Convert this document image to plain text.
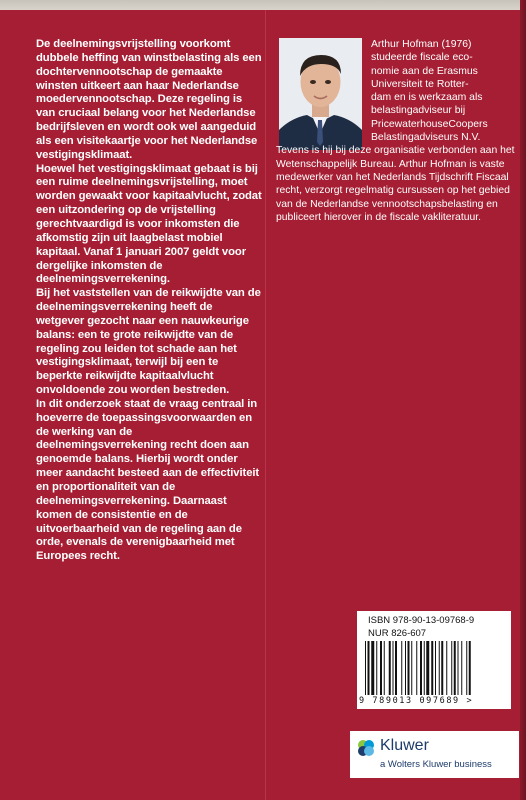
De deelnemingsvrijstelling voorkomt dubbele heffing van winstbelasting als een dochtervennootschap de gemaakte winsten uitkeert aan haar Nederlandse moedervennootschap. Deze regeling is van cruciaal belang voor het Nederlandse bedrijfsleven en wordt ook wel aangeduid als een visitekaartje voor het Nederlandse vestigingsklimaat.

Hoewel het vestigingsklimaat gebaat is bij een ruime deelnemingsvrijstelling, moet worden gewaakt voor kapitaalvlucht, zodat een uitzondering op de vrijstelling gerechtvaardigd is voor inkomsten die afkomstig zijn uit laagbelast mobiel kapitaal. Vanaf 1 januari 2007 geldt voor dergelijke inkomsten de deelnemingsverrekening.

Bij het vaststellen van de reikwijdte van de deelnemingsverrekening heeft de wetgever gezocht naar een nauwkeurige balans: een te grote reikwijdte van de regeling zou leiden tot schade aan het vestigingsklimaat, terwijl bij een te beperkte reikwijdte kapitaalvlucht onvoldoende zou worden bestreden.

In dit onderzoek staat de vraag centraal in hoeverre de toepassingsvoorwaarden en de werking van de deelnemingsverrekening recht doen aan genoemde balans. Hierbij wordt onder meer aandacht besteed aan de effectiviteit en proportionaliteit van de deelnemingsverrekening. Daarnaast komen de consistentie en de uitvoerbaarheid van de regeling aan de orde, evenals de verenigbaarheid met Europees recht.

Arthur Hofman (1976)
studeerde fiscale eco-
nomie aan de Erasmus
Universiteit te Rotter-
dam en is werkzaam als
belastingadviseur bij
PricewaterhouseCoopers
Belastingadviseurs N.V.

Tevens is hij bij deze organisatie verbonden aan het Wetenschappelijk Bureau. Arthur Hofman is vaste medewerker van het Nederlands Tijdschrift Fiscaal recht, verzorgt regelmatig cursussen op het gebied van de Nederlandse vennootschapsbelasting en publiceert hierover in de fiscale vakliteratuur.

ISBN 978-90-13-09768-9
NUR 826-607
9 789013 097689 >
Kluwer
a Wolters Kluwer business
